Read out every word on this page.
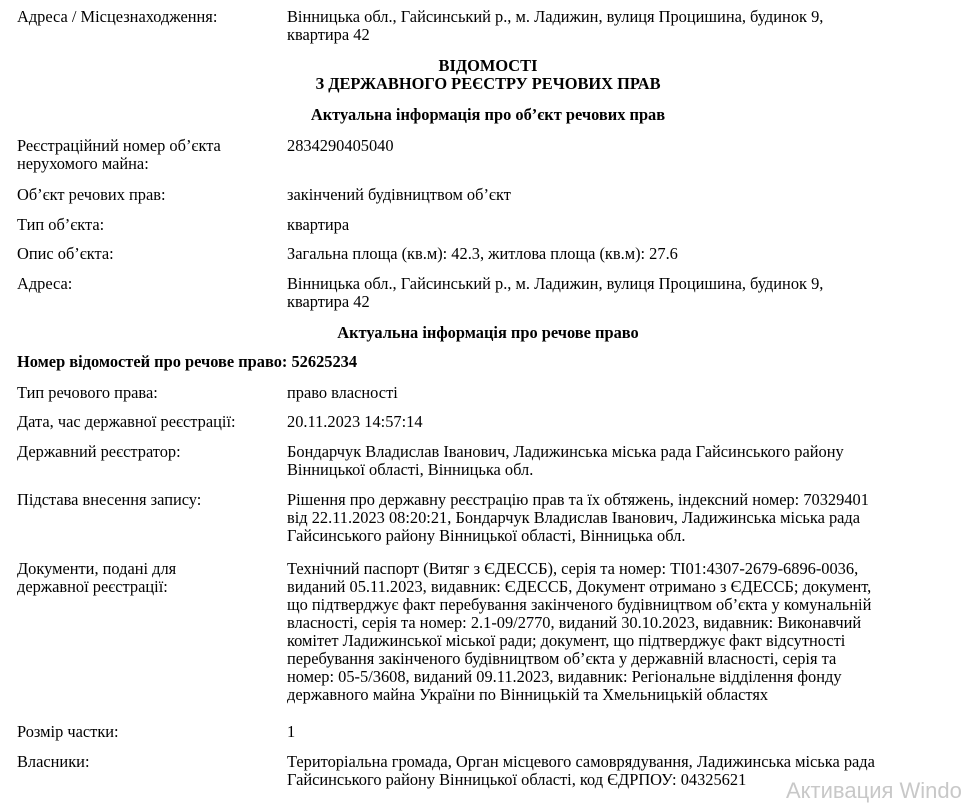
Адреса / Місцезнаходження:	Вінницька обл., Гайсинський р., м. Ладижин, вулиця Процишина, будинок 9,
квартира 42
ВІДОМОСТІ
З ДЕРЖАВНОГО РЕЄСТРУ РЕЧОВИХ ПРАВ
Актуальна інформація про об’єкт речових прав
Реєстраційний номер об’єкта
нерухомого майна:
2834290405040
Об’єкт речових прав:	закінчений будівництвом об’єкт
Тип об’єкта:	квартира
Опис об’єкта:	Загальна площа (кв.м): 42.3, житлова площа (кв.м): 27.6
Адреса:	Вінницька обл., Гайсинський р., м. Ладижин, вулиця Процишина, будинок 9,
квартира 42
Актуальна інформація про речове право
Номер відомостей про речове право: 52625234
Тип речового права:	право власності
Дата, час державної реєстрації:	20.11.2023 14:57:14
Державний реєстратор:	Бондарчук Владислав Іванович, Ладижинська міська рада Гайсинського району
Вінницької області, Вінницька обл.
Підстава внесення запису:	Рішення про державну реєстрацію прав та їх обтяжень, індексний номер: 70329401
від 22.11.2023 08:20:21, Бондарчук Владислав Іванович, Ладижинська міська рада
Гайсинського району Вінницької області, Вінницька обл.
Документи, подані для
державної реєстрації:
Технічний паспорт (Витяг з ЄДЕССБ), серія та номер: ТІ01:4307-2679-6896-0036,
виданий 05.11.2023, видавник: ЄДЕССБ, Документ отримано з ЄДЕССБ; документ,
що підтверджує факт перебування закінченого будівництвом об’єкта у комунальній
власності, серія та номер: 2.1-09/2770, виданий 30.10.2023, видавник: Виконавчий
комітет Ладижинської міської ради; документ, що підтверджує факт відсутності
перебування закінченого будівництвом об’єкта у державній власності, серія та
номер: 05-5/3608, виданий 09.11.2023, видавник: Регіональне відділення фонду
державного майна України по Вінницькій та Хмельницькій областях
Розмір частки:	1
Власники:	Територіальна громада, Орган місцевого самоврядування, Ладижинська міська рада
Гайсинського району Вінницької області, код ЄДРПОУ: 04325621	Активация Windo
